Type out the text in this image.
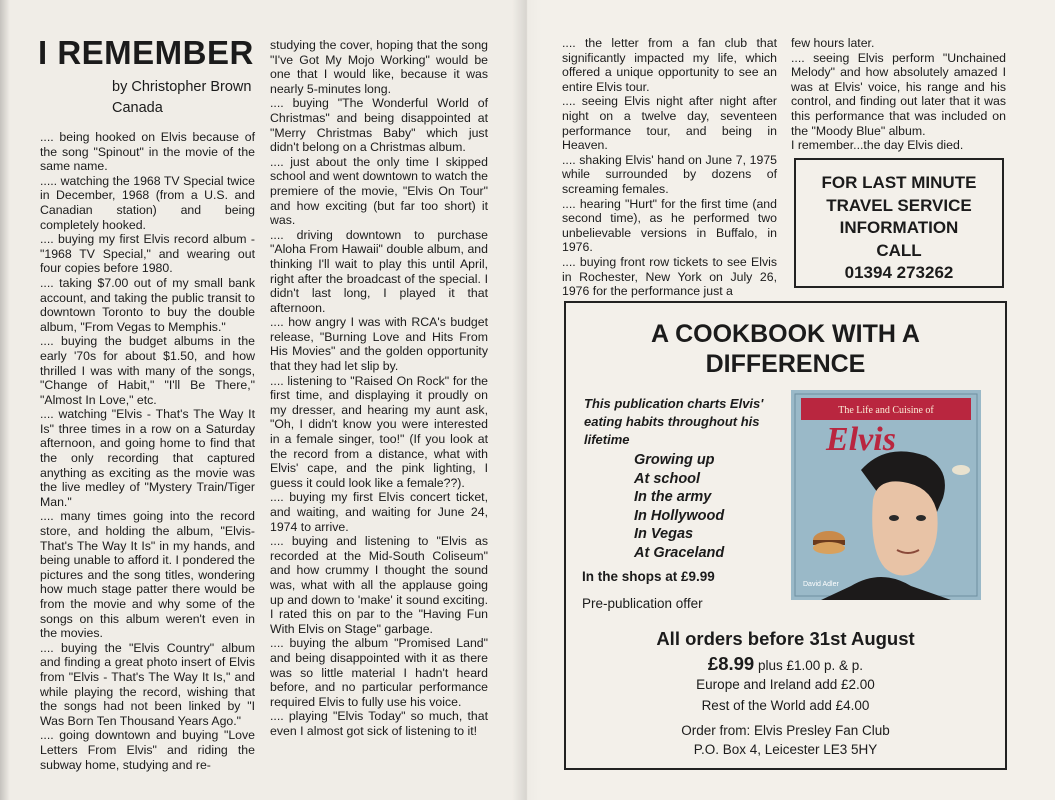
I REMEMBER
by Christopher Brown
Canada

.... being hooked on Elvis because of the song "Spinout" in the movie of the same name.

..... watching the 1968 TV Special twice in December, 1968 (from a U.S. and Canadian station) and being completely hooked.

.... buying my first Elvis record album - "1968 TV Special," and wearing out four copies before 1980.

.... taking $7.00 out of my small bank account, and taking the public transit to downtown Toronto to buy the double album, "From Vegas to Memphis."

.... buying the budget albums in the early '70s for about $1.50, and how thrilled I was with many of the songs, "Change of Habit," "I'll Be There," "Almost In Love," etc.

.... watching "Elvis - That's The Way It Is" three times in a row on a Saturday afternoon, and going home to find that the only recording that captured anything as exciting as the movie was the live medley of "Mystery Train/Tiger Man."

.... many times going into the record store, and holding the album, "Elvis- That's The Way It Is" in my hands, and being unable to afford it. I pondered the pictures and the song titles, wondering how much stage patter there would be from the movie and why some of the songs on this album weren't even in the movies.

.... buying the "Elvis Country" album and finding a great photo insert of Elvis from "Elvis - That's The Way It Is," and while playing the record, wishing that the songs had not been linked by "I Was Born Ten Thousand Years Ago."

.... going downtown and buying "Love Letters From Elvis" and riding the subway home, studying and re-

studying the cover, hoping that the song "I've Got My Mojo Working" would be one that I would like, because it was nearly 5-minutes long.

.... buying "The Wonderful World of Christmas" and being disappointed at "Merry Christmas Baby" which just didn't belong on a Christmas album.

.... just about the only time I skipped school and went downtown to watch the premiere of the movie, "Elvis On Tour" and how exciting (but far too short) it was.

.... driving downtown to purchase "Aloha From Hawaii" double album, and thinking I'll wait to play this until April, right after the broadcast of the special. I didn't last long, I played it that afternoon.

.... how angry I was with RCA's budget release, "Burning Love and Hits From His Movies" and the golden opportunity that they had let slip by.

.... listening to "Raised On Rock" for the first time, and displaying it proudly on my dresser, and hearing my aunt ask, "Oh, I didn't know you were interested in a female singer, too!" (If you look at the record from a distance, what with Elvis' cape, and the pink lighting, I guess it could look like a female??).

.... buying my first Elvis concert ticket, and waiting, and waiting for June 24, 1974 to arrive.

.... buying and listening to "Elvis as recorded at the Mid-South Coliseum" and how crummy I thought the sound was, what with all the applause going up and down to 'make' it sound exciting. I rated this on par to the "Having Fun With Elvis on Stage" garbage.

.... buying the album "Promised Land" and being disappointed with it as there was so little material I hadn't heard before, and no particular performance required Elvis to fully use his voice.

.... playing "Elvis Today" so much, that even I almost got sick of listening to it!

.... the letter from a fan club that significantly impacted my life, which offered a unique opportunity to see an entire Elvis tour.

.... seeing Elvis night after night after night on a twelve day, seventeen performance tour, and being in Heaven.

.... shaking Elvis' hand on June 7, 1975 while surrounded by dozens of screaming females.

.... hearing "Hurt" for the first time (and second time), as he performed two unbelievable versions in Buffalo, in 1976.

.... buying front row tickets to see Elvis in Rochester, New York on July 26, 1976 for the performance just a

few hours later.

.... seeing Elvis perform "Unchained Melody" and how absolutely amazed I was at Elvis' voice, his range and his control, and finding out later that it was this performance that was included on the "Moody Blue" album.

I remember...the day Elvis died.

FOR LAST MINUTE
TRAVEL SERVICE
INFORMATION
CALL
01394 273262
A COOKBOOK WITH A
DIFFERENCE
This publication charts Elvis' eating habits throughout his lifetime
Growing up
At school
In the army
In Hollywood
In Vegas
At Graceland
The Life and Cuisine of
Elvis
David Adler
In the shops at £9.99
Pre-publication offer
All orders before 31st August
£8.99 plus £1.00 p. & p.
Europe and Ireland add £2.00
Rest of the World add £4.00
Order from: Elvis Presley Fan Club
P.O. Box 4, Leicester LE3 5HY
